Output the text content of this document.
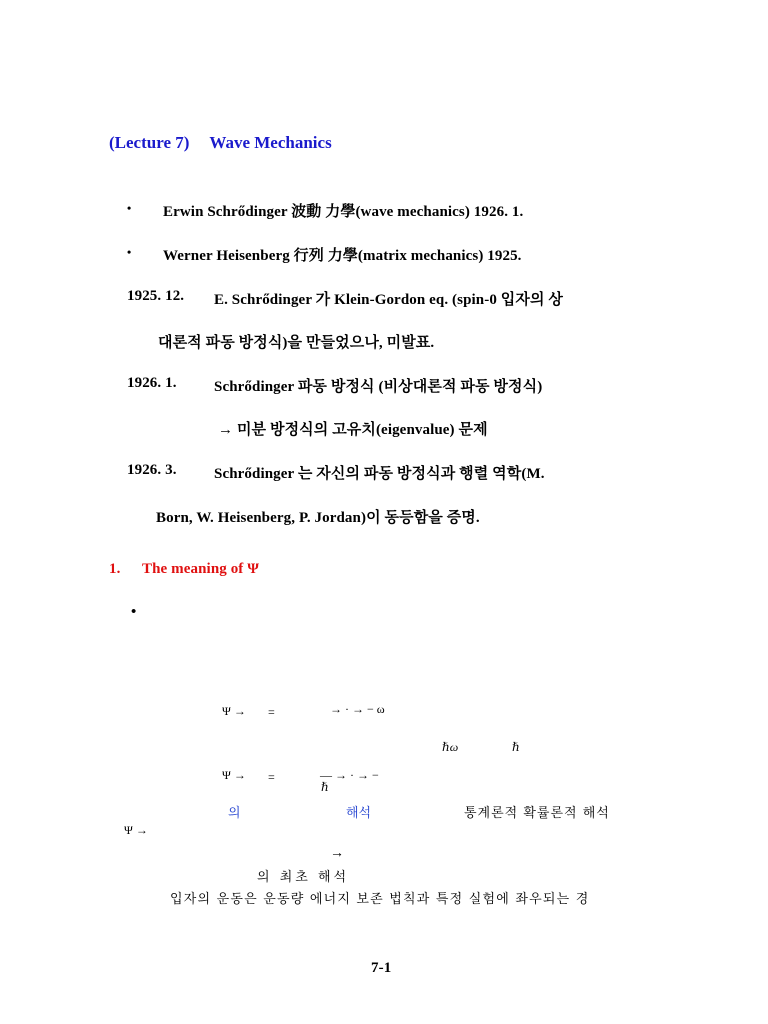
(Lecture 7) Wave Mechanics
• Erwin Schrődinger 波動 力學(wave mechanics) 1926. 1.
• Werner Heisenberg 行列 力學(matrix mechanics) 1925.
1925. 12. E. Schrődinger 가 Klein-Gordon eq. (spin-0 입자의 상
대론적 파동 방정식)을 만들었으나, 미발표.
1926. 1. Schrődinger 파동 방정식 (비상대론적 파동 방정식)
→ 미분 방정식의 고유치(eigenvalue) 문제
1926. 3. Schrődinger 는 자신의 파동 방정식과 행렬 역학(M.
Born, W. Heisenberg, P. Jordan)이 동등함을 증명.
1. The meaning of Ψ
•
Ψ → =	→ · → − ω
ℏω	ℏ
Ψ → =	— → · → −
ℏ
의	해석	통계론적 확률론적 해석
Ψ →
→
의 최초 해석
입자의 운동은 운동량 에너지 보존 법칙과 특정 실험에 좌우되는 경
7-1
